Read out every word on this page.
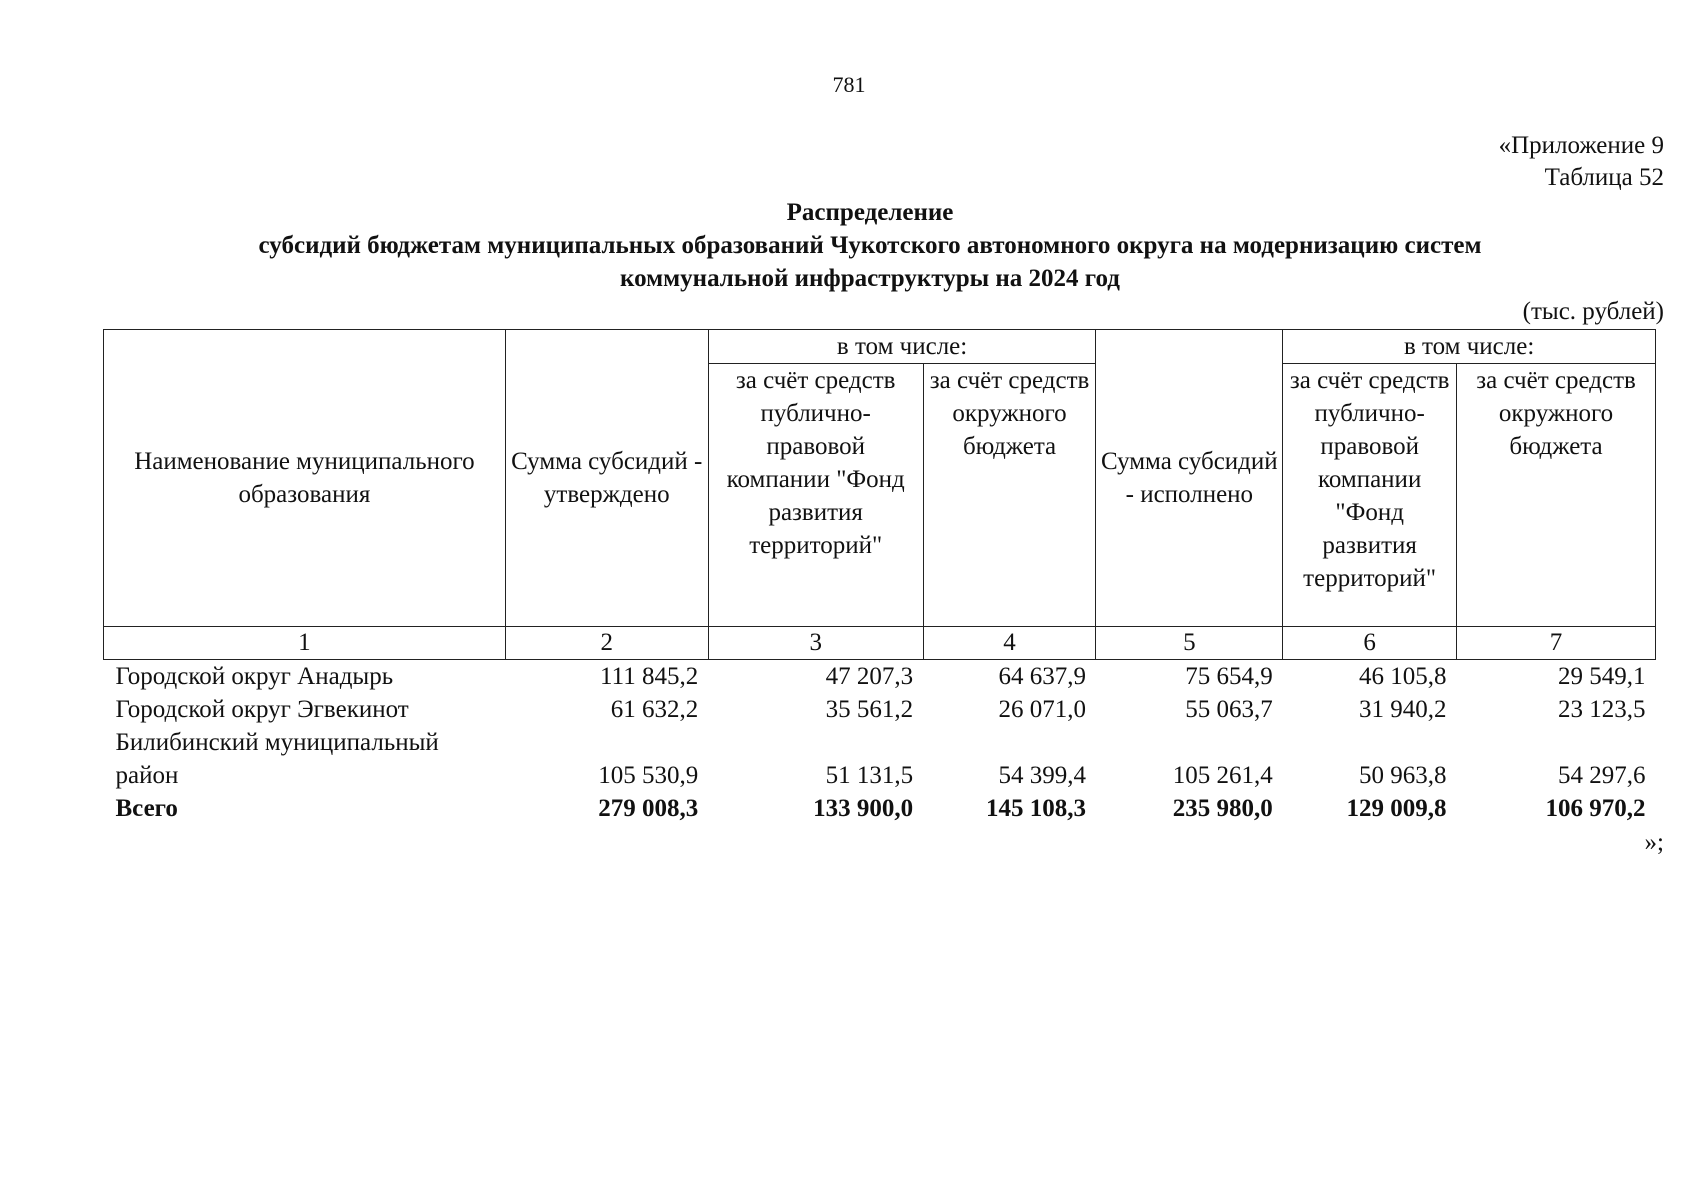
781
«Приложение 9
Таблица 52
Распределение
субсидий бюджетам муниципальных образований Чукотского автономного округа на модернизацию систем
коммунальной инфраструктуры на 2024 год
(тыс. рублей)
Наименование муниципального образования	Сумма субсидий - утверждено	в том числе:		Сумма субсидий - исполнено	в том числе:	
		за счёт средств публично-правовой компании "Фонд развития территорий"	за счёт средств окружного бюджета		за счёт средств публично-правовой компании "Фонд развития территорий"	за счёт средств окружного бюджета
1	2	3	4	5	6	7
Городской округ Анадырь	111 845,2	47 207,3	64 637,9	75 654,9	46 105,8	29 549,1
Городской округ Эгвекинот	61 632,2	35 561,2	26 071,0	55 063,7	31 940,2	23 123,5

Билибинский муниципальный
район	105 530,9	51 131,5	54 399,4	105 261,4	50 963,8	54 297,6
Всего	279 008,3	133 900,0	145 108,3	235 980,0	129 009,8	106 970,2
»;
